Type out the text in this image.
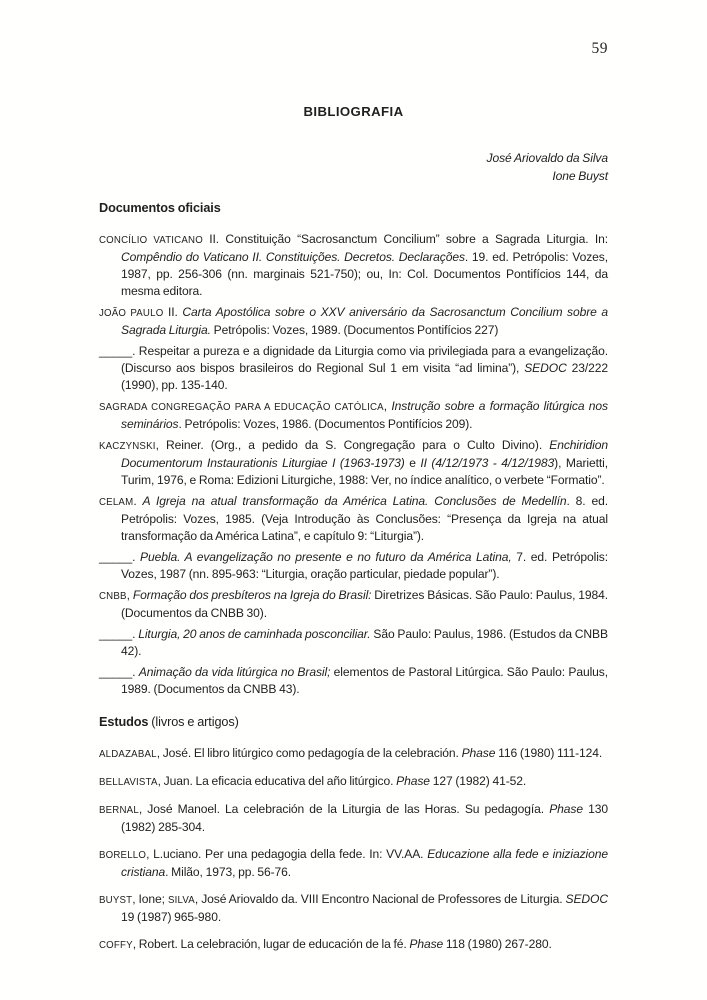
59
BIBLIOGRAFIA
José Ariovaldo da Silva
Ione Buyst
Documentos oficiais

CONCÍLIO VATICANO II. Constituição “Sacrosanctum Concilium” sobre a Sagrada Liturgia. In: Compêndio do Vaticano II. Constituições. Decretos. Declarações. 19. ed. Petrópolis: Vozes, 1987, pp. 256-306 (nn. marginais 521-750); ou, In: Col. Documentos Pontifícios 144, da mesma editora.

JOÃO PAULO II. Carta Apostólica sobre o XXV aniversário da Sacrosanctum Concilium sobre a Sagrada Liturgia. Petrópolis: Vozes, 1989. (Documentos Pontifícios 227)

_____. Respeitar a pureza e a dignidade da Liturgia como via privilegiada para a evangelização. (Discurso aos bispos brasileiros do Regional Sul 1 em visita “ad limina”), SEDOC 23/222 (1990), pp. 135-140.

SAGRADA CONGREGAÇÃO PARA A EDUCAÇÃO CATÓLICA, Instrução sobre a formação litúrgica nos seminários. Petrópolis: Vozes, 1986. (Documentos Pontifícios 209).

KACZYNSKI, Reiner. (Org., a pedido da S. Congregação para o Culto Divino). Enchiridion Documentorum Instaurationis Liturgiae I (1963-1973) e II (4/12/1973 - 4/12/1983), Marietti, Turim, 1976, e Roma: Edizioni Liturgiche, 1988: Ver, no índice analítico, o verbete “Formatio”.

CELAM. A Igreja na atual transformação da América Latina. Conclusões de Medellín. 8. ed. Petrópolis: Vozes, 1985. (Veja Introdução às Conclusões: “Presença da Igreja na atual transformação da América Latina”, e capítulo 9: “Liturgia”).

_____. Puebla. A evangelização no presente e no futuro da América Latina, 7. ed. Petrópolis: Vozes, 1987 (nn. 895-963: “Liturgia, oração particular, piedade popular”).

CNBB, Formação dos presbíteros na Igreja do Brasil: Diretrizes Básicas. São Paulo: Paulus, 1984. (Documentos da CNBB 30).

_____. Liturgia, 20 anos de caminhada posconciliar. São Paulo: Paulus, 1986. (Estudos da CNBB 42).

_____. Animação da vida litúrgica no Brasil; elementos de Pastoral Litúrgica. São Paulo: Paulus, 1989. (Documentos da CNBB 43).

Estudos (livros e artigos)

ALDAZABAL, José. El libro litúrgico como pedagogía de la celebración. Phase 116 (1980) 111-124.

BELLAVISTA, Juan. La eficacia educativa del año litúrgico. Phase 127 (1982) 41-52.

BERNAL, José Manoel. La celebración de la Liturgia de las Horas. Su pedagogía. Phase 130 (1982) 285-304.

BORELLO, L.uciano. Per una pedagogia della fede. In: VV.AA. Educazione alla fede e iniziazione cristiana. Milão, 1973, pp. 56-76.

BUYST, Ione; SILVA, José Ariovaldo da. VIII Encontro Nacional de Professores de Liturgia. SEDOC 19 (1987) 965-980.

COFFY, Robert. La celebración, lugar de educación de la fé. Phase 118 (1980) 267-280.
